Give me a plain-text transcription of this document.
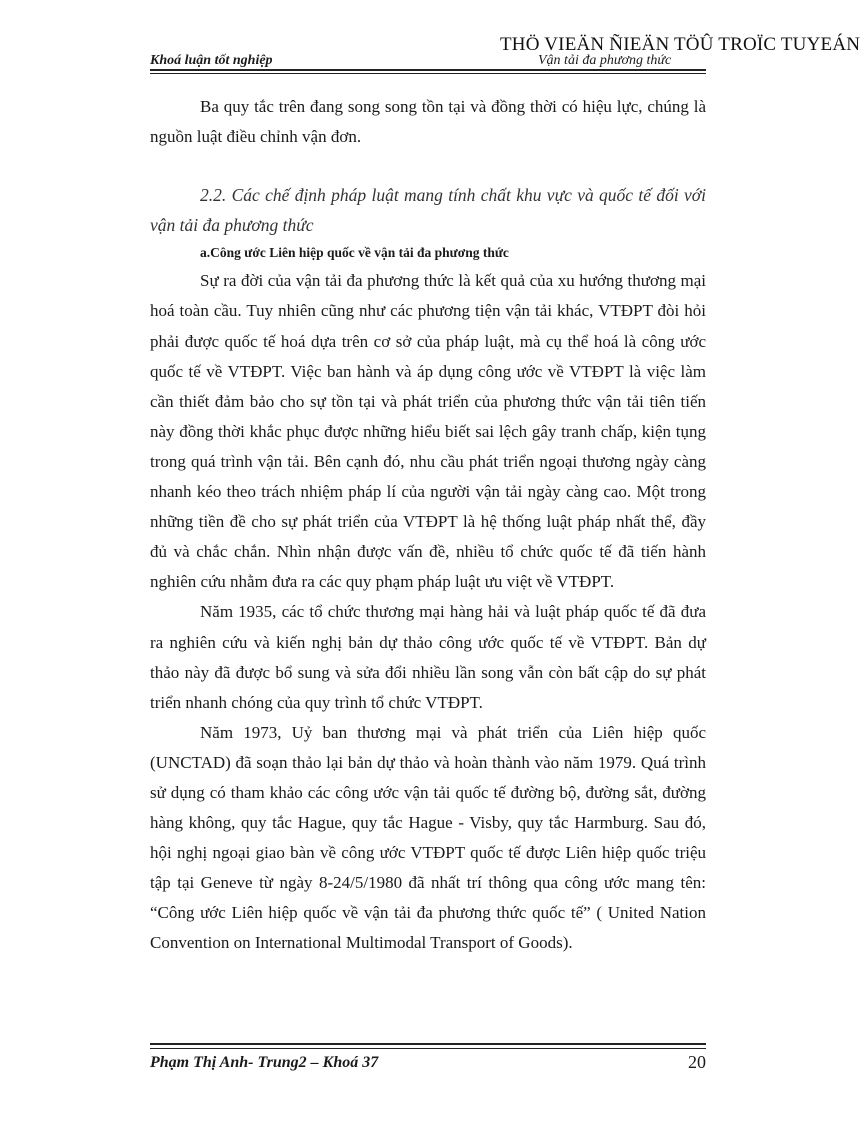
THÖ VIEÄN ÑIEÄN TÖÛ TROÏC TUYEÁN
Khoá luận tốt nghiệp	Vận tải đa phương thức

Ba quy tắc trên đang song song tồn tại và đồng thời có hiệu lực, chúng là nguồn luật điều chỉnh vận đơn.

2.2. Các chế định pháp luật mang tính chất khu vực và quốc tế đối với vận tải đa phương thức

a.Công ước Liên hiệp quốc về vận tải đa phương thức

Sự ra đời của vận tải đa phương thức là kết quả của xu hướng thương mại hoá toàn cầu. Tuy nhiên cũng như các phương tiện vận tải khác, VTĐPT đòi hỏi phải được quốc tế hoá dựa trên cơ sở của pháp luật, mà cụ thể hoá là công ước quốc tế về VTĐPT. Việc ban hành và áp dụng công ước về VTĐPT là việc làm cần thiết đảm bảo cho sự tồn tại và phát triển của phương thức vận tải tiên tiến này đồng thời khắc phục được những hiểu biết sai lệch gây tranh chấp, kiện tụng trong quá trình vận tải. Bên cạnh đó, nhu cầu phát triển ngoại thương ngày càng nhanh kéo theo trách nhiệm pháp lí của người vận tải ngày càng cao. Một trong những tiền đề cho sự phát triển của VTĐPT là hệ thống luật pháp nhất thể, đầy đủ và chắc chắn. Nhìn nhận được vấn đề, nhiều tổ chức quốc tế đã tiến hành nghiên cứu nhằm đưa ra các quy phạm pháp luật ưu việt về VTĐPT.

Năm 1935, các tổ chức thương mại hàng hải và luật pháp quốc tế đã đưa ra nghiên cứu và kiến nghị bản dự thảo công ước quốc tế về VTĐPT. Bản dự thảo này đã được bổ sung và sửa đổi nhiều lần song vẫn còn bất cập do sự phát triển nhanh chóng của quy trình tổ chức VTĐPT.

Năm 1973, Uỷ ban thương mại và phát triển của Liên hiệp quốc (UNCTAD) đã soạn thảo lại bản dự thảo và hoàn thành vào năm 1979. Quá trình sử dụng có tham khảo các công ước vận tải quốc tế đường bộ, đường sắt, đường hàng không, quy tắc Hague, quy tắc Hague - Visby, quy tắc Harmburg. Sau đó, hội nghị ngoại giao bàn về công ước VTĐPT quốc tế được Liên hiệp quốc triệu tập tại Geneve từ ngày 8-24/5/1980 đã nhất trí thông qua công ước mang tên: “Công ước Liên hiệp quốc về vận tải đa phương thức quốc tế” ( United Nation Convention on International Multimodal Transport of Goods).

Phạm Thị Anh- Trung2 – Khoá 37	20
